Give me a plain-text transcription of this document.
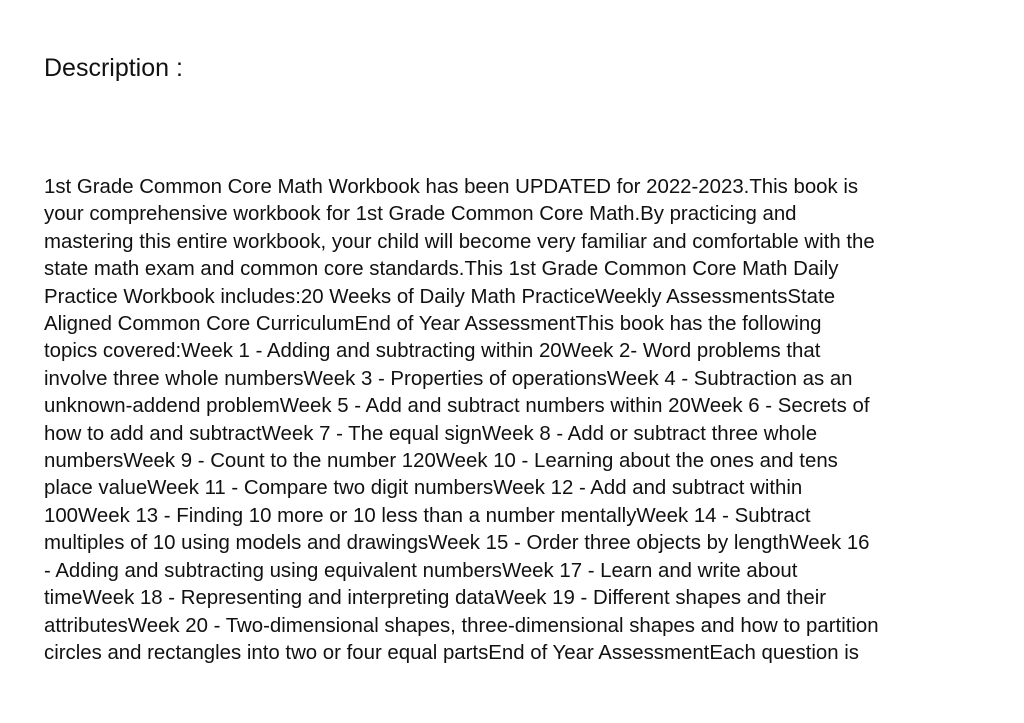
Description :
1st Grade Common Core Math Workbook has been UPDATED for 2022-2023.This book is
your comprehensive workbook for 1st Grade Common Core Math.By practicing and
mastering this entire workbook, your child will become very familiar and comfortable with the
state math exam and common core standards.This 1st Grade Common Core Math Daily
Practice Workbook includes:20 Weeks of Daily Math PracticeWeekly AssessmentsState
Aligned Common Core CurriculumEnd of Year AssessmentThis book has the following
topics covered:Week 1 - Adding and subtracting within 20Week 2- Word problems that
involve three whole numbersWeek 3 - Properties of operationsWeek 4 - Subtraction as an
unknown-addend problemWeek 5 - Add and subtract numbers within 20Week 6 - Secrets of
how to add and subtractWeek 7 - The equal signWeek 8 - Add or subtract three whole
numbersWeek 9 - Count to the number 120Week 10 - Learning about the ones and tens
place valueWeek 11 - Compare two digit numbersWeek 12 - Add and subtract within
100Week 13 - Finding 10 more or 10 less than a number mentallyWeek 14 - Subtract
multiples of 10 using models and drawingsWeek 15 - Order three objects by lengthWeek 16
- Adding and subtracting using equivalent numbersWeek 17 - Learn and write about
timeWeek 18 - Representing and interpreting dataWeek 19 - Different shapes and their
attributesWeek 20 - Two-dimensional shapes, three-dimensional shapes and how to partition
circles and rectangles into two or four equal partsEnd of Year AssessmentEach question is
